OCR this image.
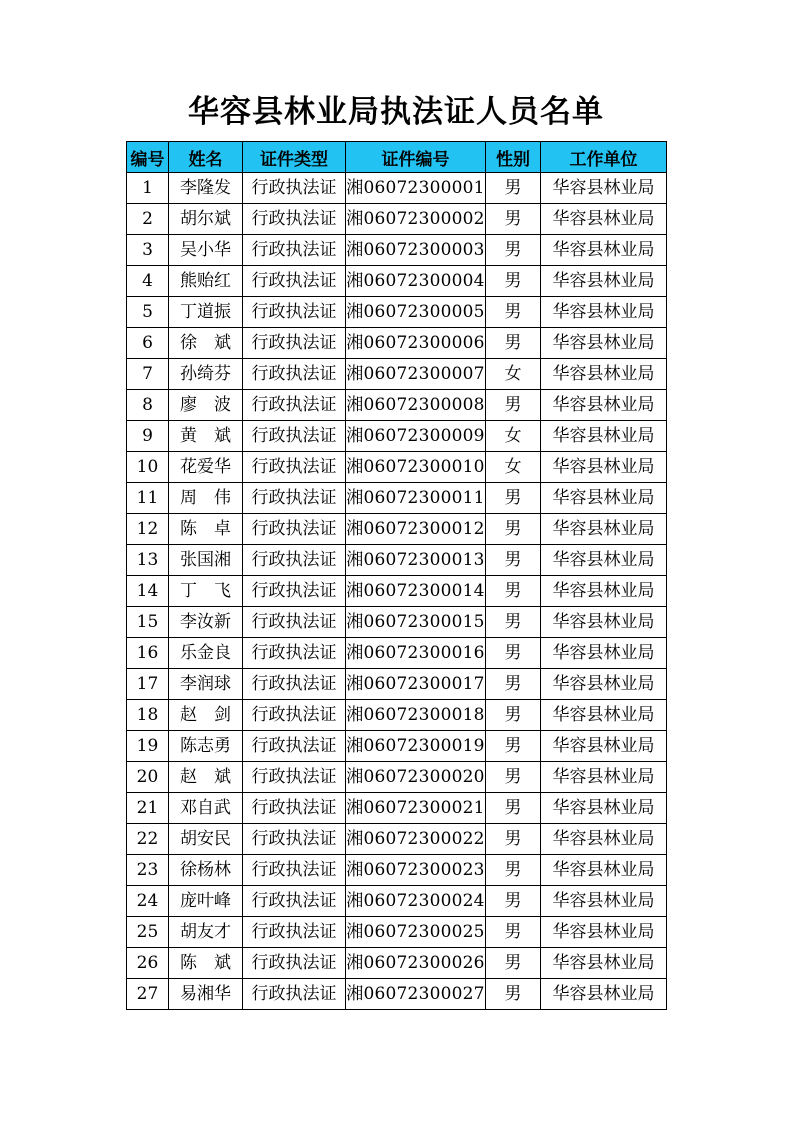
华容县林业局执法证人员名单
编号	姓名	证件类型	证件编号	性别	工作单位
1	李隆发	行政执法证	湘06072300001	男	华容县林业局
2	胡尔斌	行政执法证	湘06072300002	男	华容县林业局
3	吴小华	行政执法证	湘06072300003	男	华容县林业局
4	熊贻红	行政执法证	湘06072300004	男	华容县林业局
5	丁道振	行政执法证	湘06072300005	男	华容县林业局
6	徐　斌	行政执法证	湘06072300006	男	华容县林业局
7	孙绮芬	行政执法证	湘06072300007	女	华容县林业局
8	廖　波	行政执法证	湘06072300008	男	华容县林业局
9	黄　斌	行政执法证	湘06072300009	女	华容县林业局
10	花爱华	行政执法证	湘06072300010	女	华容县林业局
11	周　伟	行政执法证	湘06072300011	男	华容县林业局
12	陈　卓	行政执法证	湘06072300012	男	华容县林业局
13	张国湘	行政执法证	湘06072300013	男	华容县林业局
14	丁　飞	行政执法证	湘06072300014	男	华容县林业局
15	李汝新	行政执法证	湘06072300015	男	华容县林业局
16	乐金良	行政执法证	湘06072300016	男	华容县林业局
17	李润球	行政执法证	湘06072300017	男	华容县林业局
18	赵　剑	行政执法证	湘06072300018	男	华容县林业局
19	陈志勇	行政执法证	湘06072300019	男	华容县林业局
20	赵　斌	行政执法证	湘06072300020	男	华容县林业局
21	邓自武	行政执法证	湘06072300021	男	华容县林业局
22	胡安民	行政执法证	湘06072300022	男	华容县林业局
23	徐杨林	行政执法证	湘06072300023	男	华容县林业局
24	庞叶峰	行政执法证	湘06072300024	男	华容县林业局
25	胡友才	行政执法证	湘06072300025	男	华容县林业局
26	陈　斌	行政执法证	湘06072300026	男	华容县林业局
27	易湘华	行政执法证	湘06072300027	男	华容县林业局
